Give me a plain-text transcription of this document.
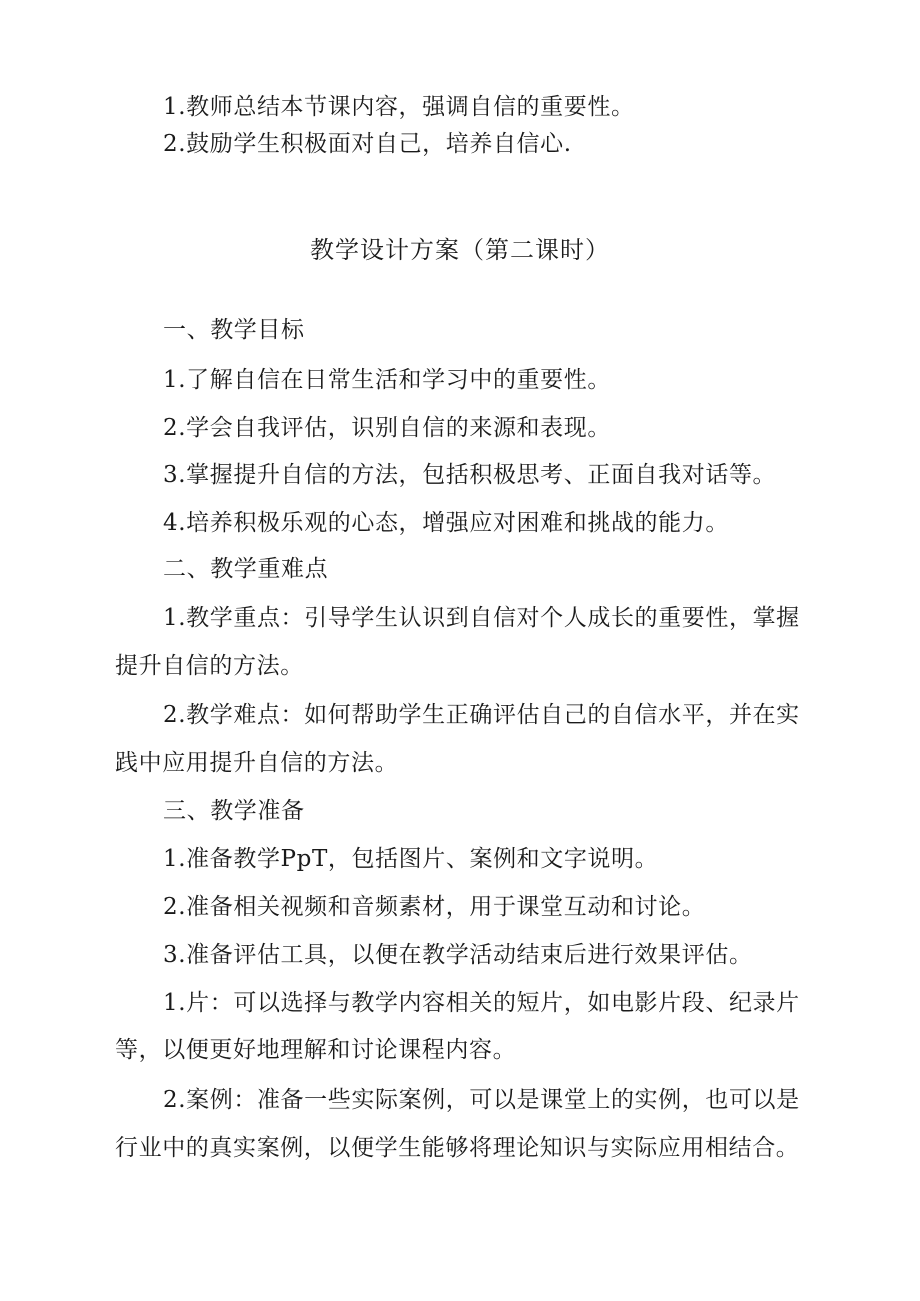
1.教师总结本节课内容，强调自信的重要性。
2.鼓励学生积极面对自己，培养自信心.
教学设计方案（第二课时）
一、教学目标
1.了解自信在日常生活和学习中的重要性。
2.学会自我评估，识别自信的来源和表现。
3.掌握提升自信的方法，包括积极思考、正面自我对话等。
4.培养积极乐观的心态，增强应对困难和挑战的能力。
二、教学重难点
1.教学重点：引导学生认识到自信对个人成长的重要性，掌握
提升自信的方法。
2.教学难点：如何帮助学生正确评估自己的自信水平，并在实
践中应用提升自信的方法。
三、教学准备
1.准备教学PpT，包括图片、案例和文字说明。
2.准备相关视频和音频素材，用于课堂互动和讨论。
3.准备评估工具，以便在教学活动结束后进行效果评估。
1.片：可以选择与教学内容相关的短片，如电影片段、纪录片
等，以便更好地理解和讨论课程内容。
2.案例：准备一些实际案例，可以是课堂上的实例，也可以是
行业中的真实案例，以便学生能够将理论知识与实际应用相结合。
